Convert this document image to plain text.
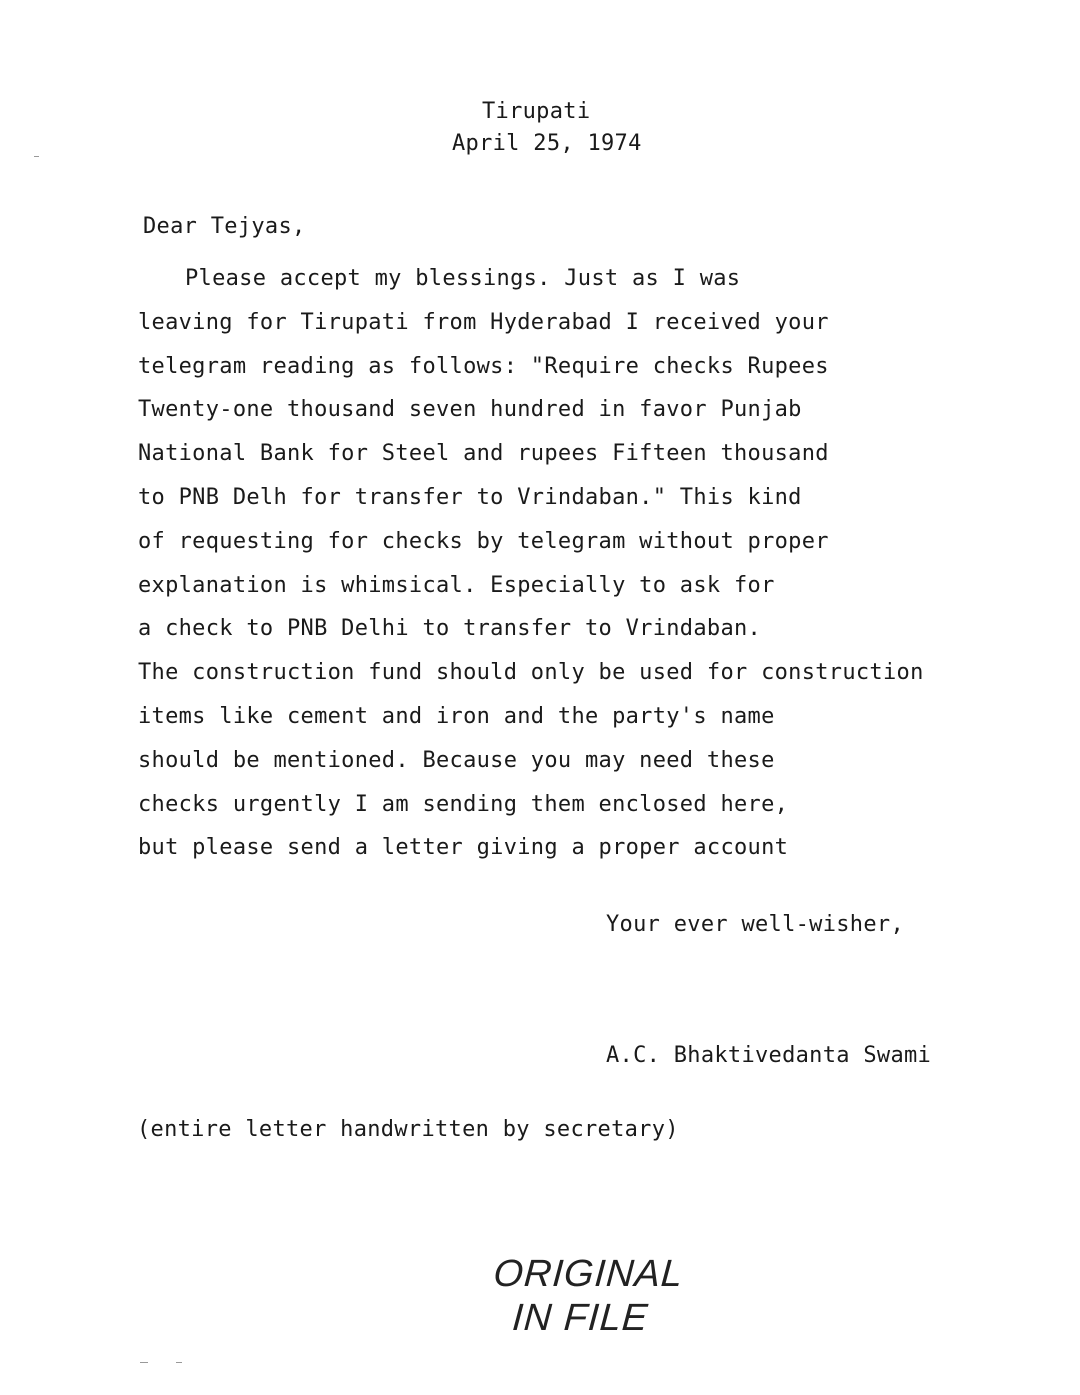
Tirupati
April 25, 1974
Dear Tejyas,
Please accept my blessings. Just as I was
leaving for Tirupati from Hyderabad I received your
telegram reading as follows: "Require checks Rupees
Twenty-one thousand seven hundred in favor Punjab
National Bank for Steel and rupees Fifteen thousand
to PNB Delh for transfer to Vrindaban." This kind
of requesting for checks by telegram without proper
explanation is whimsical. Especially to ask for
a check to PNB Delhi to transfer to Vrindaban.
The construction fund should only be used for construction
items like cement and iron and the party's name
should be mentioned. Because you may need these
checks urgently I am sending them enclosed here,
but please send a letter giving a proper account
Your ever well-wisher,
A.C. Bhaktivedanta Swami
(entire letter handwritten by secretary)
ORIGINAL
IN FILE
